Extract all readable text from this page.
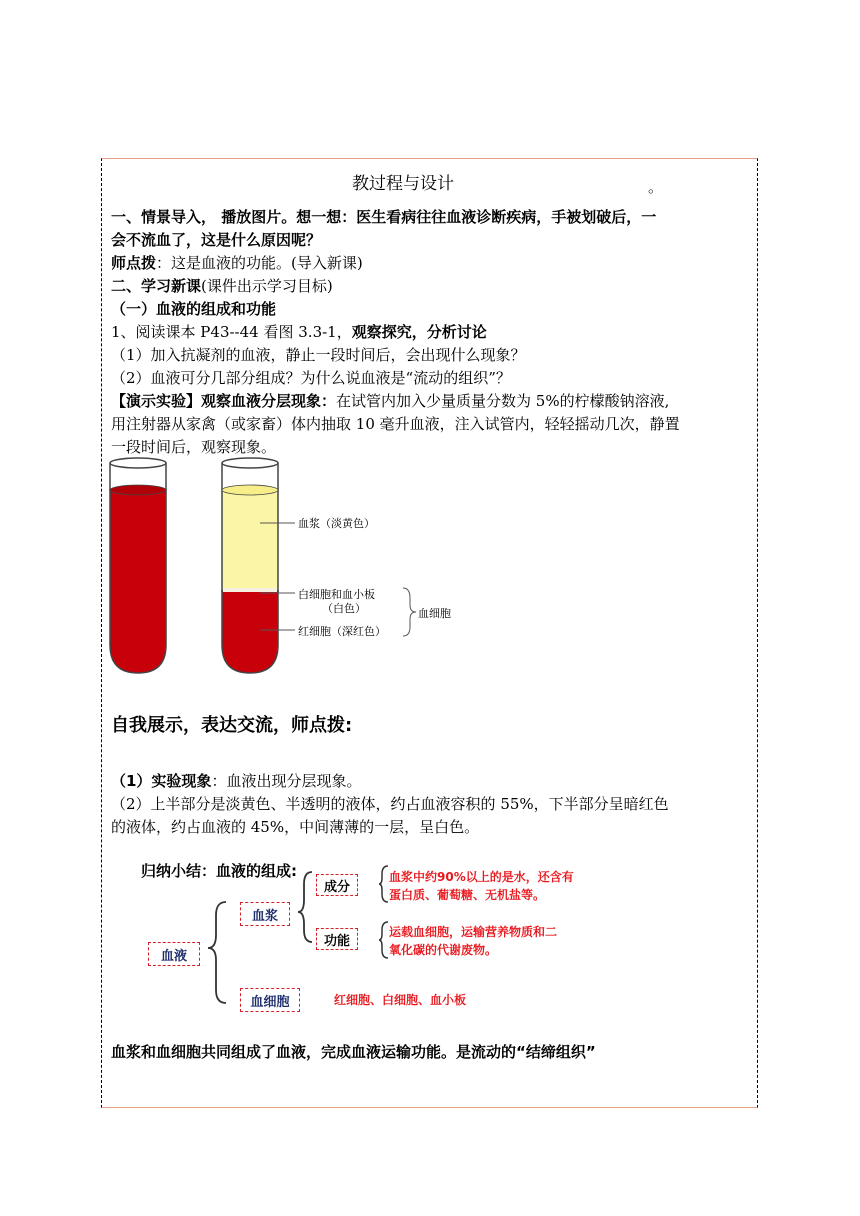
教过程与设计	。
一、情景导入， 播放图片。想一想：医生看病往往血液诊断疾病，手被划破后，一
会不流血了，这是什么原因呢？
师点拨：这是血液的功能。(导入新课)
二、学习新课(课件出示学习目标)
（一）血液的组成和功能
1、阅读课本 P43--44 看图 3.3-1，观察探究，分析讨论
（1）加入抗凝剂的血液，静止一段时间后，会出现什么现象？
（2）血液可分几部分组成？为什么说血液是“流动的组织”？
【演示实验】观察血液分层现象：在试管内加入少量质量分数为 5%的柠檬酸钠溶液,
用注射器从家禽（或家畜）体内抽取 10 毫升血液，注入试管内，轻轻摇动几次，静置
一段时间后，观察现象。
血浆（淡黄色）
白细胞和血小板
（白色）
红细胞（深红色）
血细胞
自我展示，表达交流，师点拨:
（1）实验现象：血液出现分层现象。
（2）上半部分是淡黄色、半透明的液体，约占血液容积的 55%，下半部分呈暗红色
的液体，约占血液的 45%，中间薄薄的一层，呈白色。
归纳小结：血液的组成:
成分
功能
血浆
血液
血细胞
血浆中约90%以上的是水，还含有
蛋白质、葡萄糖、无机盐等。
运载血细胞，运输营养物质和二
氧化碳的代谢废物。
红细胞、白细胞、血小板
血浆和血细胞共同组成了血液，完成血液运输功能。是流动的“结缔组织”
